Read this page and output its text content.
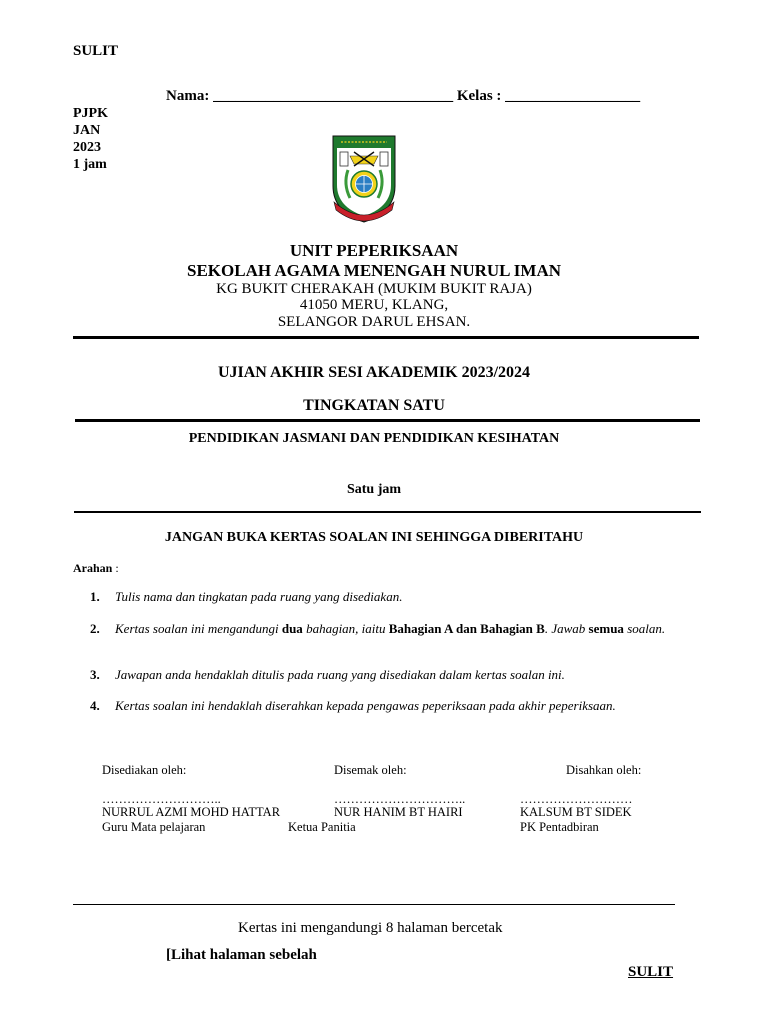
SULIT
Nama: ________________________________ Kelas : __________________
PJPK
JAN
2023
1 jam
UNIT PEPERIKSAAN
SEKOLAH AGAMA MENENGAH NURUL IMAN
KG BUKIT CHERAKAH (MUKIM BUKIT RAJA)
41050 MERU, KLANG,
SELANGOR DARUL EHSAN.
UJIAN AKHIR SESI AKADEMIK 2023/2024
TINGKATAN SATU
PENDIDIKAN JASMANI DAN PENDIDIKAN KESIHATAN
Satu jam
JANGAN BUKA KERTAS SOALAN INI SEHINGGA DIBERITAHU
Arahan :
1. Tulis nama dan tingkatan pada ruang yang disediakan.
2. Kertas soalan ini mengandungi dua bahagian, iaitu Bahagian A dan Bahagian B. Jawab semua soalan.
3. Jawapan anda hendaklah ditulis pada ruang yang disediakan dalam kertas soalan ini.
4. Kertas soalan ini hendaklah diserahkan kepada pengawas peperiksaan pada akhir peperiksaan.
Disediakan oleh:	Disemak oleh:	Disahkan oleh:
………………………..	…………………………..	………………………
NURRUL AZMI MOHD HATTAR	NUR HANIM BT HAIRI	KALSUM BT SIDEK
Guru Mata pelajaran	Ketua Panitia	PK Pentadbiran
Kertas ini mengandungi 8 halaman bercetak
[Lihat halaman sebelah
SULIT
